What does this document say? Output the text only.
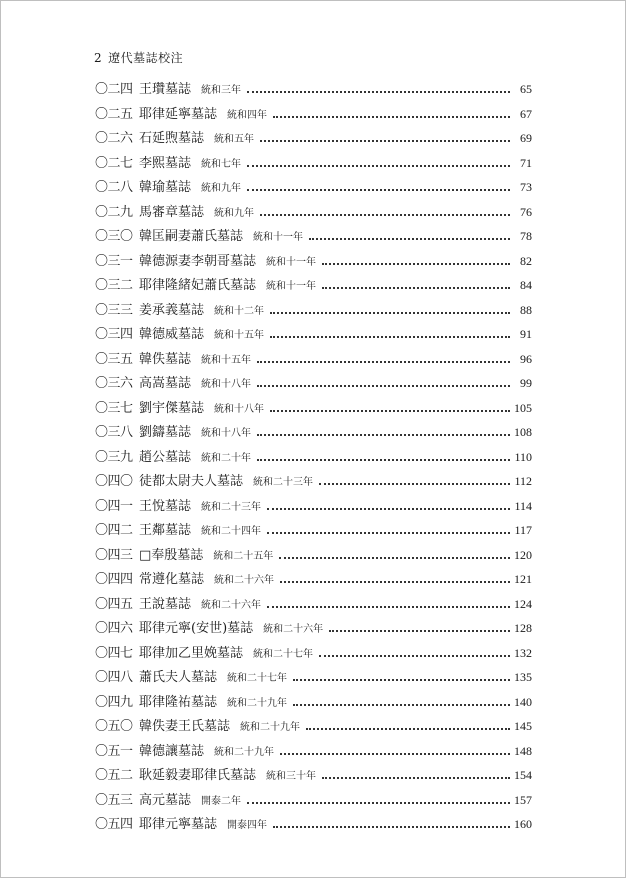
2 遼代墓誌校注
〇二四 王瓚墓誌 統和三年	65
〇二五 耶律延寧墓誌 統和四年	67
〇二六 石延煦墓誌 統和五年	69
〇二七 李熙墓誌 統和七年	71
〇二八 韓瑜墓誌 統和九年	73
〇二九 馬審章墓誌 統和九年	76
〇三〇 韓匡嗣妻蕭氏墓誌 統和十一年	78
〇三一 韓德源妻李朝哥墓誌 統和十一年	82
〇三二 耶律隆緒妃蕭氏墓誌 統和十一年	84
〇三三 姜承義墓誌 統和十二年	88
〇三四 韓德威墓誌 統和十五年	91
〇三五 韓佚墓誌 統和十五年	96
〇三六 高嵩墓誌 統和十八年	99
〇三七 劉宇傑墓誌 統和十八年	105
〇三八 劉鑄墓誌 統和十八年	108
〇三九 趙公墓誌 統和二十年	110
〇四〇 徒都太尉夫人墓誌 統和二十三年	112
〇四一 王悅墓誌 統和二十三年	114
〇四二 王鄰墓誌 統和二十四年	117
〇四三 □奉殷墓誌 統和二十五年	120
〇四四 常遵化墓誌 統和二十六年	121
〇四五 王說墓誌 統和二十六年	124
〇四六 耶律元寧(安世)墓誌 統和二十六年	128
〇四七 耶律加乙里娩墓誌 統和二十七年	132
〇四八 蕭氏夫人墓誌 統和二十七年	135
〇四九 耶律隆祐墓誌 統和二十九年	140
〇五〇 韓佚妻王氏墓誌 統和二十九年	145
〇五一 韓德讓墓誌 統和二十九年	148
〇五二 耿延毅妻耶律氏墓誌 統和三十年	154
〇五三 高元墓誌 開泰二年	157
〇五四 耶律元寧墓誌 開泰四年	160
